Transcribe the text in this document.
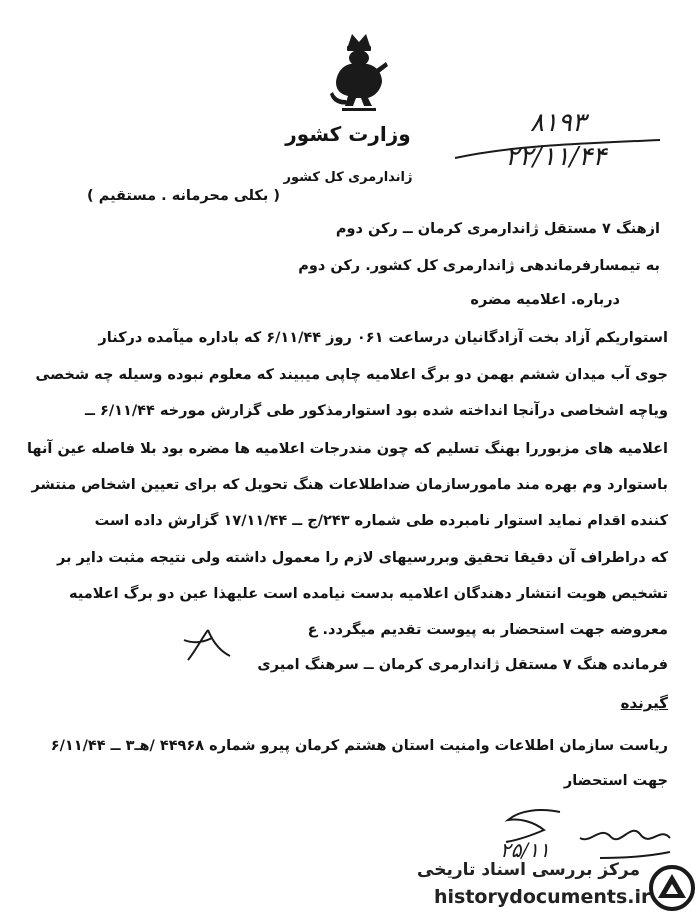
وزارت کشور
ژاندارمری کل کشور
( بکلی محرمانه . مستقیم )
۸۱۹۳
۲۲/۱۱/۴۴
ازهنگ ۷ مستقل ژاندارمری کرمان ــ رکن دوم
به تیمسارفرماندهی ژاندارمری کل کشور. رکن دوم
درباره. اعلامیه مضره
استواریکم آزاد بخت آزادگانیان درساعت ۰۶۱ روز ۶/۱۱/۴۴ که باداره میآمده درکنار
جوی آب میدان ششم بهمن دو برگ اعلامیه چاپی میبیند که معلوم نبوده وسیله چه شخصی
ویاچه اشخاصی درآنجا انداخته شده بود استوارمذکور طی گزارش مورخه ۶/۱۱/۴۴ ــ
اعلامیه های مزبوررا بهنگ تسلیم که چون مندرجات اعلامیه ها مضره بود بلا فاصله عین آنها
باستوارد وم بهره مند مامورسازمان ضداطلاعات هنگ تحویل که برای تعیین اشخاص منتشر
کننده اقدام نماید استوار نامبرده طی شماره ۲۴۳/ج ــ ۱۷/۱۱/۴۴ گزارش داده است
که دراطراف آن دقیقا تحقیق وبررسیهای لازم را معمول داشته ولی نتیجه مثبت دایر بر
تشخیص هویت انتشار دهندگان اعلامیه بدست نیامده است علیهذا عین دو برگ اعلامیه
معروضه جهت استحضار به پیوست تقدیم میگردد. ع
فرمانده هنگ ۷ مستقل ژاندارمری کرمان ــ سرهنگ امیری
گیرنده
ریاست سازمان اطلاعات وامنیت استان هشتم کرمان پیرو شماره ۴۴۹۶۸ /هـ۳ ــ ۶/۱۱/۴۴
جهت استحضار
۲۵/۱۱
مرکز بررسی اسناد تاریخی
historydocuments.ir
